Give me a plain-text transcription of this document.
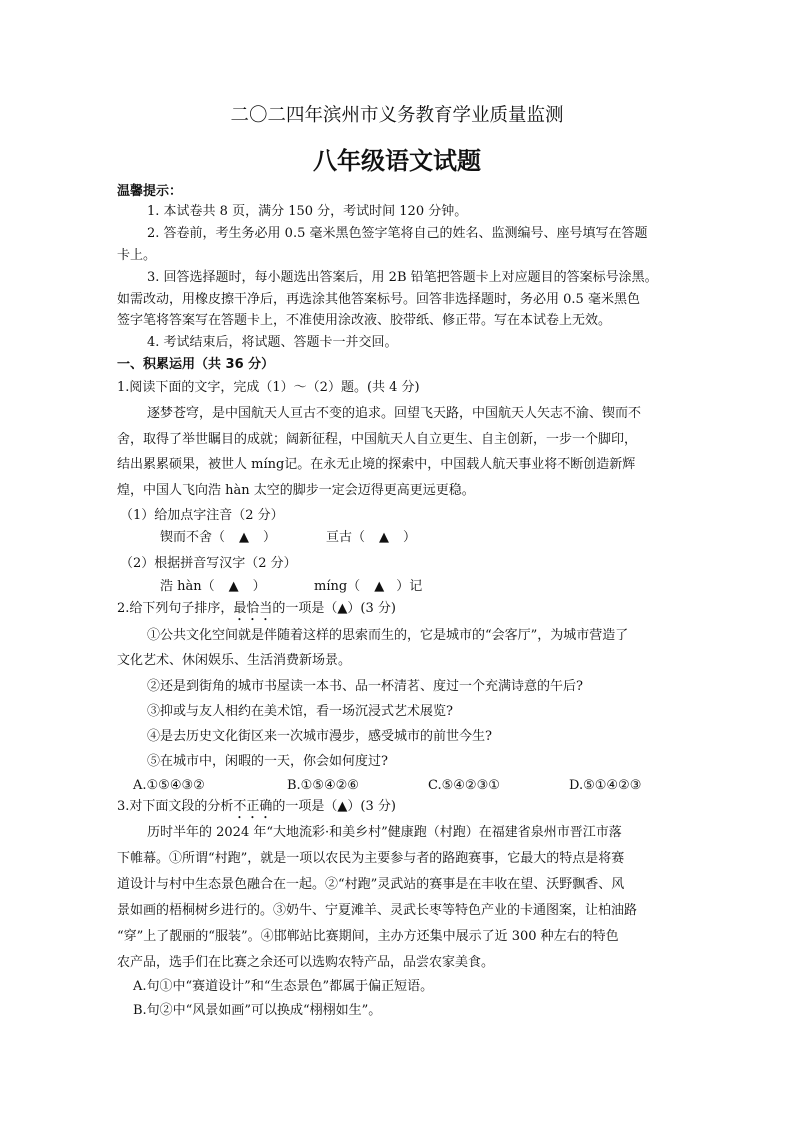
二〇二四年滨州市义务教育学业质量监测
八年级语文试题
温馨提示：
1. 本试卷共 8 页，满分 150 分，考试时间 120 分钟。
2. 答卷前，考生务必用 0.5 毫米黑色签字笔将自己的姓名、监测编号、座号填写在答题
卡上。
3. 回答选择题时，每小题选出答案后，用 2B 铅笔把答题卡上对应题目的答案标号涂黑。
如需改动，用橡皮擦干净后，再选涂其他答案标号。回答非选择题时，务必用 0.5 毫米黑色
签字笔将答案写在答题卡上，不准使用涂改液、胶带纸、修正带。写在本试卷上无效。
4. 考试结束后，将试题、答题卡一并交回。
一、积累运用（共 36 分）
1.阅读下面的文字，完成（1）～（2）题。(共 4 分)
逐梦苍穹，是中国航天人亘古不变的追求。回望飞天路，中国航天人矢志不渝、锲而不
舍，取得了举世瞩目的成就；阔新征程，中国航天人自立更生、自主创新，一步一个脚印，
结出累累硕果，被世人 míng记。在永无止境的探索中，中国载人航天事业将不断创造新辉
煌，中国人飞向浩 hàn 太空的脚步一定会迈得更高更远更稳。
（1）给加点字注音（2 分）
锲而不舍（ ▲ ）	亘古（ ▲ ）
（2）根据拼音写汉字（2 分）
浩 hàn（ ▲ ）	míng（ ▲ ）记
2.给下列句子排序，最恰当的一项是（▲）(3 分)
①公共文化空间就是伴随着这样的思索而生的，它是城市的“会客厅”，为城市营造了
文化艺术、休闲娱乐、生活消费新场景。
②还是到街角的城市书屋读一本书、品一杯清茗、度过一个充满诗意的午后?
③抑或与友人相约在美术馆，看一场沉浸式艺术展览?
④是去历史文化街区来一次城市漫步，感受城市的前世今生?
⑤在城市中，闲暇的一天，你会如何度过?
A.①⑤④③②	B.①⑤④②⑥	C.⑤④②③①	D.⑤①④②③
3.对下面文段的分析不正确的一项是（▲）(3 分)
历时半年的 2024 年“大地流彩·和美乡村”健康跑（村跑）在福建省泉州市晋江市落
下帷幕。①所谓“村跑”，就是一项以农民为主要参与者的路跑赛事，它最大的特点是将赛
道设计与村中生态景色融合在一起。②“村跑”灵武站的赛事是在丰收在望、沃野飘香、风
景如画的梧桐树乡进行的。③奶牛、宁夏滩羊、灵武长枣等特色产业的卡通图案，让柏油路
“穿”上了靓丽的“服装”。④邯郸站比赛期间，主办方还集中展示了近 300 种左右的特色
农产品，选手们在比赛之余还可以选购农特产品，品尝农家美食。
A.句①中“赛道设计”和“生态景色”都属于偏正短语。
B.句②中“风景如画”可以换成“栩栩如生”。
